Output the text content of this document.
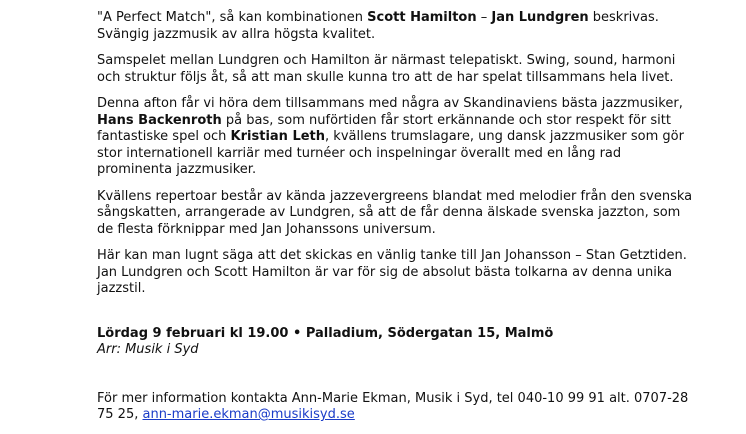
"A Perfect Match", så kan kombinationen Scott Hamilton – Jan Lundgren beskrivas. Svängig jazzmusik av allra högsta kvalitet.

Samspelet mellan Lundgren och Hamilton är närmast telepatiskt. Swing, sound, harmoni och struktur följs åt, så att man skulle kunna tro att de har spelat tillsammans hela livet.

Denna afton får vi höra dem tillsammans med några av Skandinaviens bästa jazzmusiker, Hans Backenroth på bas, som nuförtiden får stort erkännande och stor respekt för sitt fantastiske spel och Kristian Leth, kvällens trumslagare, ung dansk jazzmusiker som gör stor internationell karriär med turnéer och inspelningar överallt med en lång rad prominenta jazzmusiker.

Kvällens repertoar består av kända jazzevergreens blandat med melodier från den svenska sångskatten, arrangerade av Lundgren, så att de får denna älskade svenska jazzton, som de flesta förknippar med Jan Johanssons universum.

Här kan man lugnt säga att det skickas en vänlig tanke till Jan Johansson – Stan Getztiden. Jan Lundgren och Scott Hamilton är var för sig de absolut bästa tolkarna av denna unika jazzstil.

Lördag 9 februari kl 19.00 • Palladium, Södergatan 15, Malmö

Arr: Musik i Syd

För mer information kontakta Ann-Marie Ekman, Musik i Syd, tel 040-10 99 91 alt. 0707-28 75 25, ann-marie.ekman@musikisyd.se
